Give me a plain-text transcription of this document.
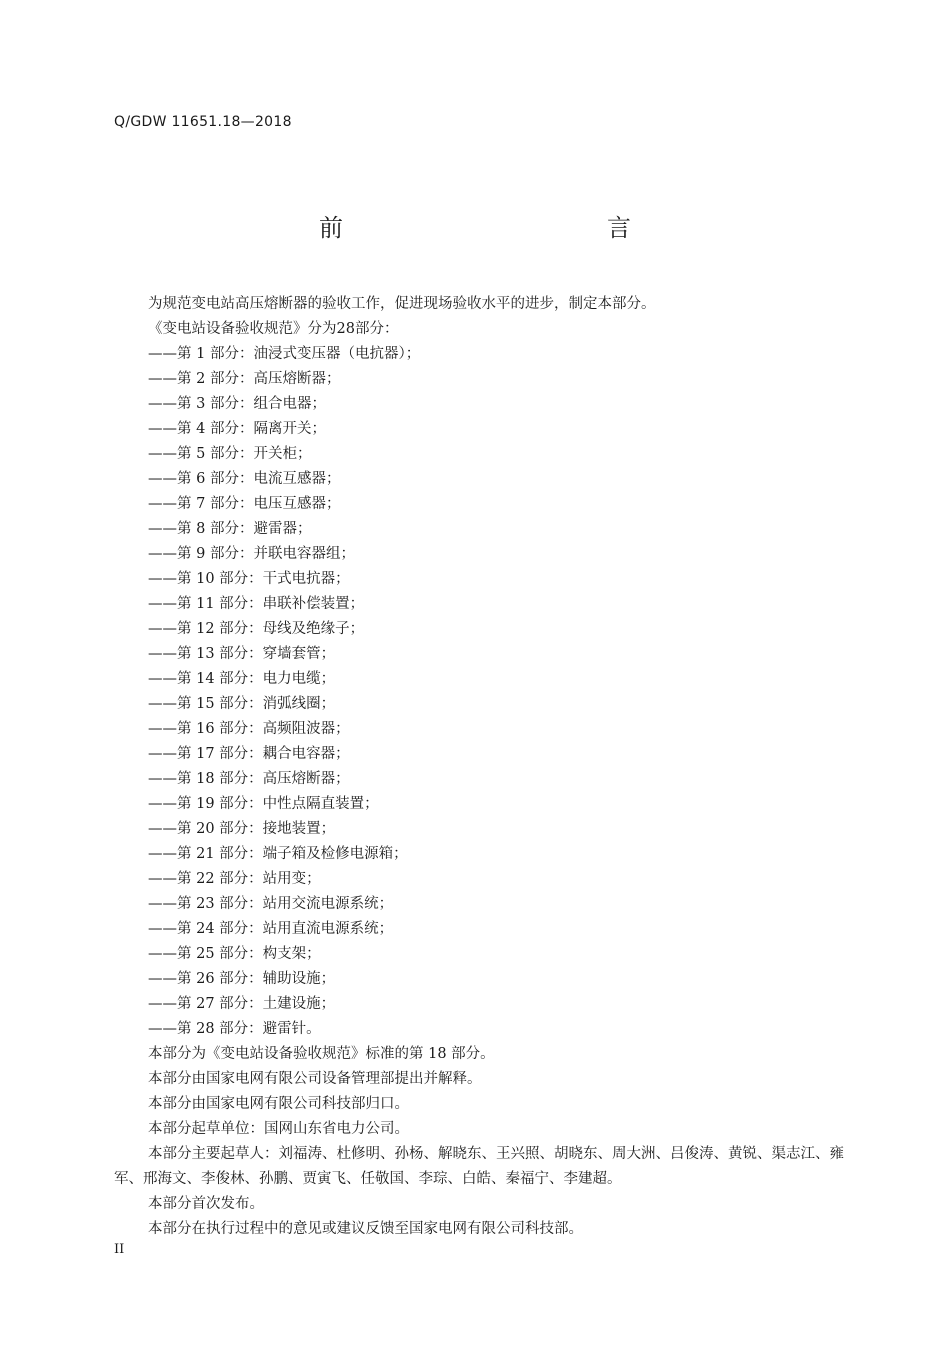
Q/GDW 11651.18—2018
前　　言
为规范变电站高压熔断器的验收工作，促进现场验收水平的进步，制定本部分。
《变电站设备验收规范》分为28部分：
——第 1 部分：油浸式变压器（电抗器）；
——第 2 部分：高压熔断器；
——第 3 部分：组合电器；
——第 4 部分：隔离开关；
——第 5 部分：开关柜；
——第 6 部分：电流互感器；
——第 7 部分：电压互感器；
——第 8 部分：避雷器；
——第 9 部分：并联电容器组；
——第 10 部分：干式电抗器；
——第 11 部分：串联补偿装置；
——第 12 部分：母线及绝缘子；
——第 13 部分：穿墙套管；
——第 14 部分：电力电缆；
——第 15 部分：消弧线圈；
——第 16 部分：高频阻波器；
——第 17 部分：耦合电容器；
——第 18 部分：高压熔断器；
——第 19 部分：中性点隔直装置；
——第 20 部分：接地装置；
——第 21 部分：端子箱及检修电源箱；
——第 22 部分：站用变；
——第 23 部分：站用交流电源系统；
——第 24 部分：站用直流电源系统；
——第 25 部分：构支架；
——第 26 部分：辅助设施；
——第 27 部分：土建设施；
——第 28 部分：避雷针。
本部分为《变电站设备验收规范》标准的第 18 部分。
本部分由国家电网有限公司设备管理部提出并解释。
本部分由国家电网有限公司科技部归口。
本部分起草单位：国网山东省电力公司。
本部分主要起草人：刘福涛、杜修明、孙杨、解晓东、王兴照、胡晓东、周大洲、吕俊涛、黄锐、渠志江、雍军、邢海文、李俊林、孙鹏、贾寅飞、任敬国、李琮、白皓、秦福宁、李建超。
本部分首次发布。
本部分在执行过程中的意见或建议反馈至国家电网有限公司科技部。
II
